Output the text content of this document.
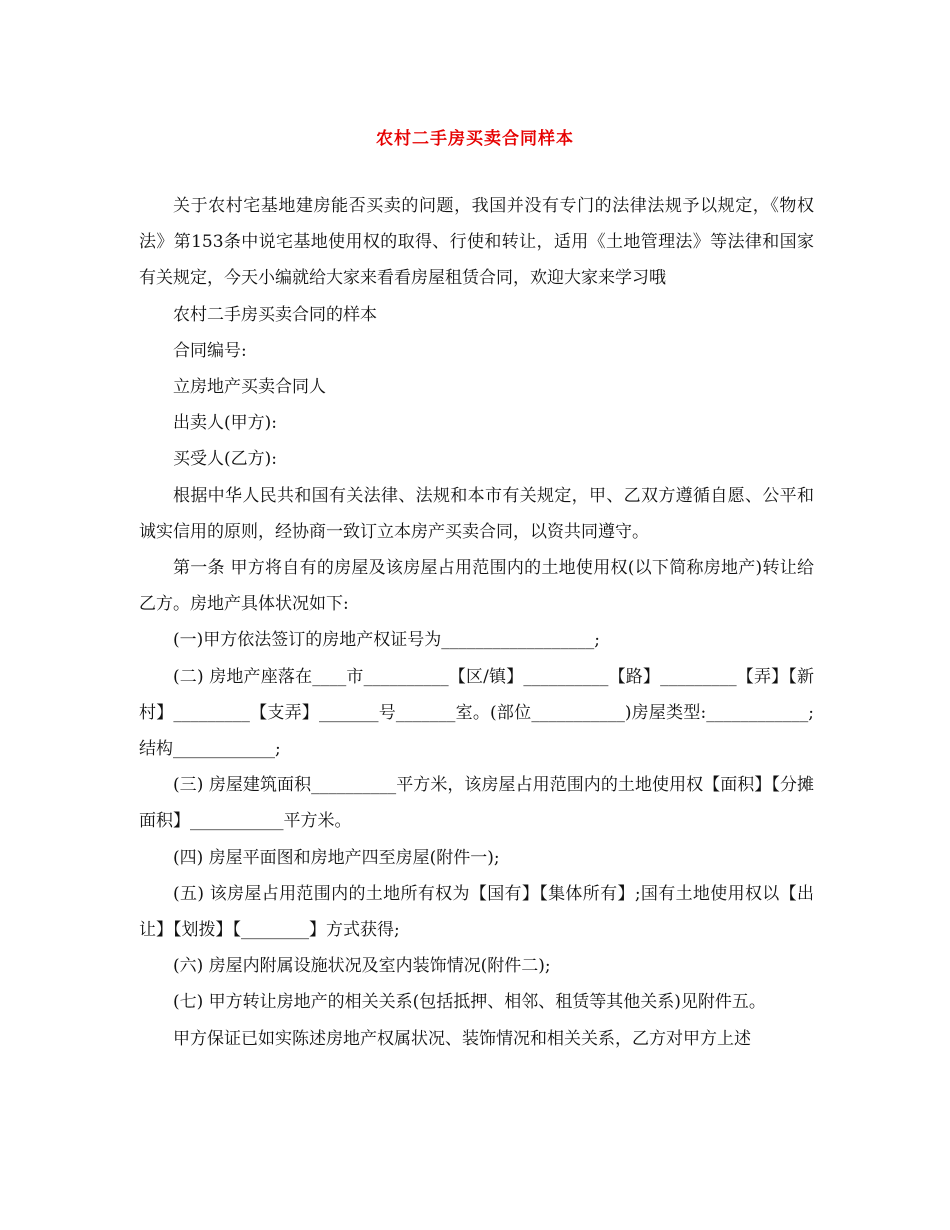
农村二手房买卖合同样本

关于农村宅基地建房能否买卖的问题，我国并没有专门的法律法规予以规定，《物权法》第153条中说宅基地使用权的取得、行使和转让，适用《土地管理法》等法律和国家有关规定，今天小编就给大家来看看房屋租赁合同，欢迎大家来学习哦

农村二手房买卖合同的样本

合同编号:

立房地产买卖合同人

出卖人(甲方):

买受人(乙方):

根据中华人民共和国有关法律、法规和本市有关规定，甲、乙双方遵循自愿、公平和诚实信用的原则，经协商一致订立本房产买卖合同，以资共同遵守。

第一条 甲方将自有的房屋及该房屋占用范围内的土地使用权(以下简称房地产)转让给乙方。房地产具体状况如下:

(一)甲方依法签订的房地产权证号为__________________;

(二) 房地产座落在____市__________【区/镇】__________【路】_________【弄】【新村】_________【支弄】_______号_______室。(部位___________)房屋类型:____________;结构____________;

(三) 房屋建筑面积__________平方米，该房屋占用范围内的土地使用权【面积】【分摊面积】___________平方米。

(四) 房屋平面图和房地产四至房屋(附件一);

(五) 该房屋占用范围内的土地所有权为【国有】【集体所有】;国有土地使用权以【出让】【划拨】【________】方式获得;

(六) 房屋内附属设施状况及室内装饰情况(附件二);

(七) 甲方转让房地产的相关关系(包括抵押、相邻、租赁等其他关系)见附件五。

甲方保证已如实陈述房地产权属状况、装饰情况和相关关系，乙方对甲方上述
